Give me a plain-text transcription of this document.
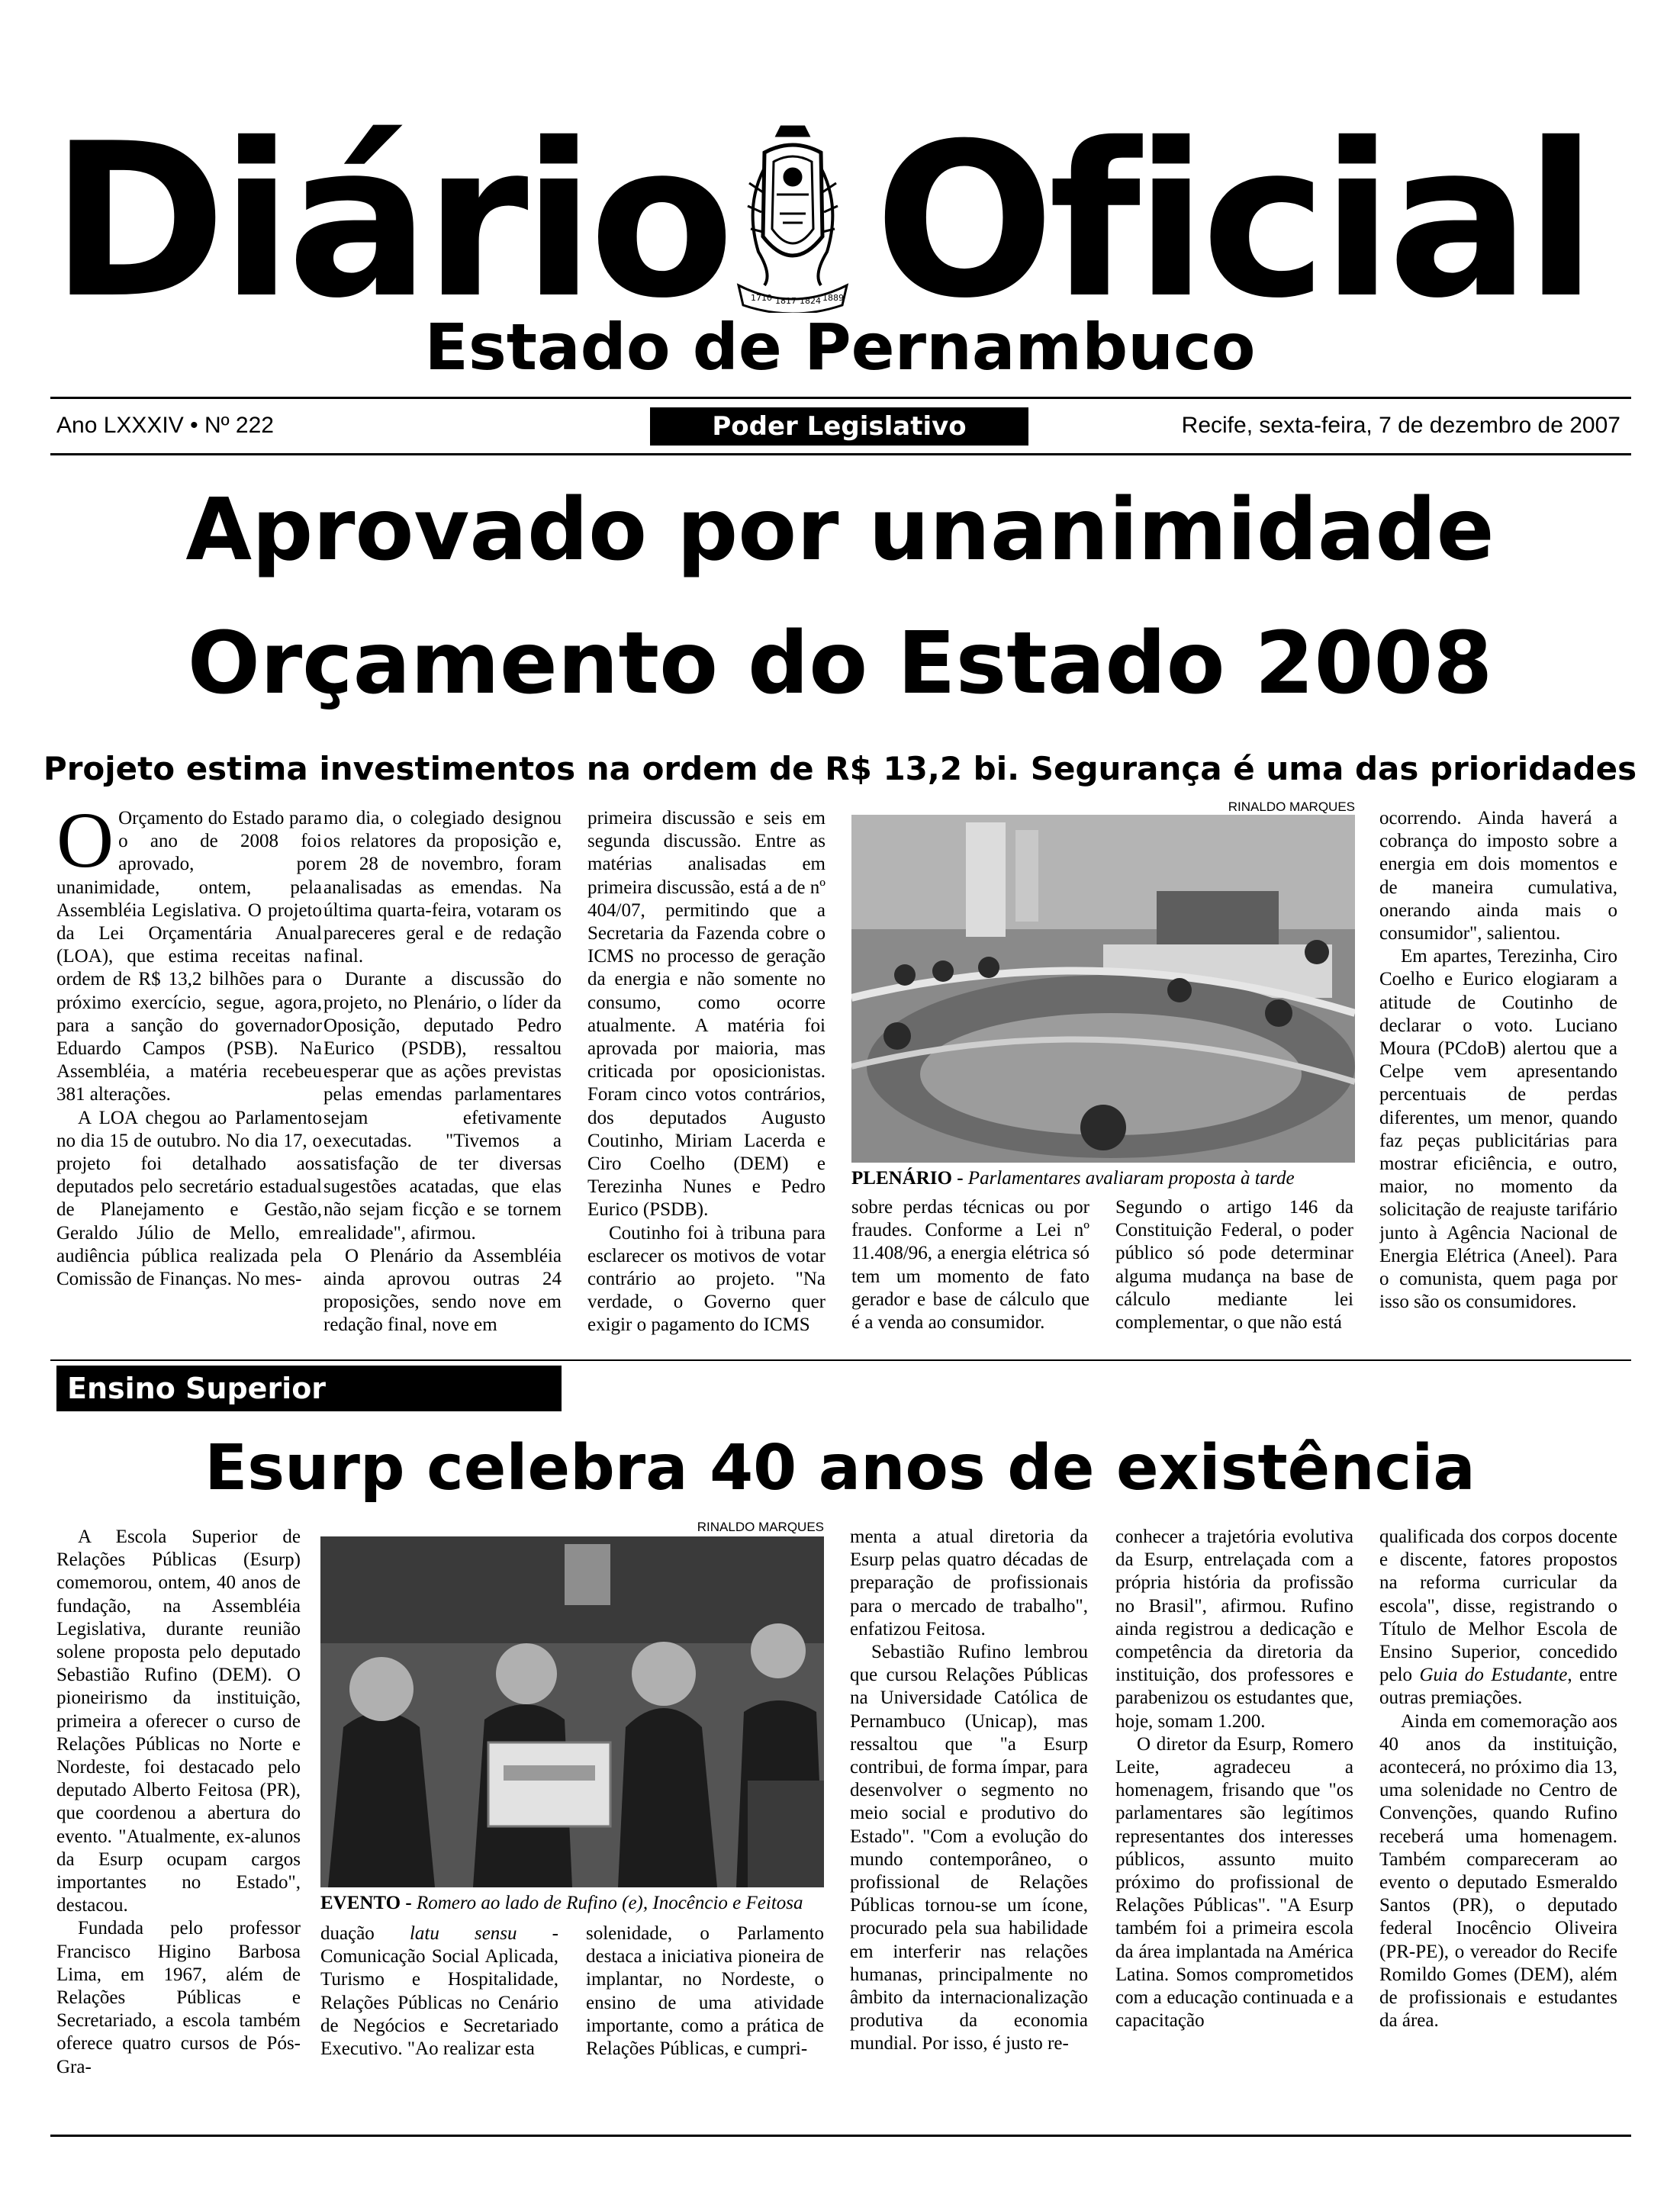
Diário	1710 1817 1824 1889 Oficial
Estado de Pernambuco
Ano LXXXIV • Nº 222	Poder Legislativo	Recife, sexta-feira, 7 de dezembro de 2007
Aprovado por unanimidade
Orçamento do Estado 2008
Projeto estima investimentos na ordem de R$ 13,2 bi. Segurança é uma das prioridades

O Orçamento do Estado para o ano de 2008 foi aprovado, por unanimidade, ontem, pela Assembléia Legislativa. O projeto da Lei Orçamentária Anual (LOA), que estima receitas na ordem de R$ 13,2 bilhões para o próximo exercício, segue, agora, para a sanção do governador Eduardo Campos (PSB). Na Assembléia, a matéria recebeu 381 alterações.

A LOA chegou ao Parlamento no dia 15 de outubro. No dia 17, o projeto foi detalhado aos deputados pelo secretário estadual de Planejamento e Gestão, Geraldo Júlio de Mello, em audiência pública realizada pela Comissão de Finanças. No mes-

mo dia, o colegiado designou os relatores da proposição e, em 28 de novembro, foram analisadas as emendas. Na última quarta-feira, votaram os pareceres geral e de redação final.

Durante a discussão do projeto, no Plenário, o líder da Oposição, deputado Pedro Eurico (PSDB), ressaltou esperar que as ações previstas pelas emendas parlamentares sejam efetivamente executadas. "Tivemos a satisfação de ter diversas sugestões acatadas, que elas não sejam ficção e se tornem realidade", afirmou.

O Plenário da Assembléia ainda aprovou outras 24 proposições, sendo nove em redação final, nove em

primeira discussão e seis em segunda discussão. Entre as matérias analisadas em primeira discussão, está a de nº 404/07, permitindo que a Secretaria da Fazenda cobre o ICMS no processo de geração da energia e não somente no consumo, como ocorre atualmente. A matéria foi aprovada por maioria, mas criticada por oposicionistas. Foram cinco votos contrários, dos deputados Augusto Coutinho, Miriam Lacerda e Ciro Coelho (DEM) e Terezinha Nunes e Pedro Eurico (PSDB).

Coutinho foi à tribuna para esclarecer os motivos de votar contrário ao projeto. "Na verdade, o Governo quer exigir o pagamento do ICMS

RINALDO MARQUES
PLENÁRIO - Parlamentares avaliaram proposta à tarde

sobre perdas técnicas ou por fraudes. Conforme a Lei nº 11.408/96, a energia elétrica só tem um momento de fato gerador e base de cálculo que é a venda ao consumidor.

Segundo o artigo 146 da Constituição Federal, o poder público só pode determinar alguma mudança na base de cálculo mediante lei complementar, o que não está

ocorrendo. Ainda haverá a cobrança do imposto sobre a energia em dois momentos e de maneira cumulativa, onerando ainda mais o consumidor", salientou.

Em apartes, Terezinha, Ciro Coelho e Eurico elogiaram a atitude de Coutinho de declarar o voto. Luciano Moura (PCdoB) alertou que a Celpe vem apresentando percentuais de perdas diferentes, um menor, quando faz peças publicitárias para mostrar eficiência, e outro, maior, no momento da solicitação de reajuste tarifário junto à Agência Nacional de Energia Elétrica (Aneel). Para o comunista, quem paga por isso são os consumidores.

Ensino Superior
Esurp celebra 40 anos de existência

A Escola Superior de Relações Públicas (Esurp) comemorou, ontem, 40 anos de fundação, na Assembléia Legislativa, durante reunião solene proposta pelo deputado Sebastião Rufino (DEM). O pioneirismo da instituição, primeira a oferecer o curso de Relações Públicas no Norte e Nordeste, foi destacado pelo deputado Alberto Feitosa (PR), que coordenou a abertura do evento. "Atualmente, ex-alunos da Esurp ocupam cargos importantes no Estado", destacou.

Fundada pelo professor Francisco Higino Barbosa Lima, em 1967, além de Relações Públicas e Secretariado, a escola também oferece quatro cursos de Pós-Gra-

RINALDO MARQUES
EVENTO - Romero ao lado de Rufino (e), Inocêncio e Feitosa

duação latu sensu - Comunicação Social Aplicada, Turismo e Hospitalidade, Relações Públicas no Cenário de Negócios e Secretariado Executivo. "Ao realizar esta

solenidade, o Parlamento destaca a iniciativa pioneira de implantar, no Nordeste, o ensino de uma atividade importante, como a prática de Relações Públicas, e cumpri-

menta a atual diretoria da Esurp pelas quatro décadas de preparação de profissionais para o mercado de trabalho", enfatizou Feitosa.

Sebastião Rufino lembrou que cursou Relações Públicas na Universidade Católica de Pernambuco (Unicap), mas ressaltou que "a Esurp contribui, de forma ímpar, para desenvolver o segmento no meio social e produtivo do Estado". "Com a evolução do mundo contemporâneo, o profissional de Relações Públicas tornou-se um ícone, procurado pela sua habilidade em interferir nas relações humanas, principalmente no âmbito da internacionalização produtiva da economia mundial. Por isso, é justo re-

conhecer a trajetória evolutiva da Esurp, entrelaçada com a própria história da profissão no Brasil", afirmou. Rufino ainda registrou a dedicação e competência da diretoria da instituição, dos professores e parabenizou os estudantes que, hoje, somam 1.200.

O diretor da Esurp, Romero Leite, agradeceu a homenagem, frisando que "os parlamentares são legítimos representantes dos interesses públicos, assunto muito próximo do profissional de Relações Públicas". "A Esurp também foi a primeira escola da área implantada na América Latina. Somos comprometidos com a educação continuada e a capacitação

qualificada dos corpos docente e discente, fatores propostos na reforma curricular da escola", disse, registrando o Título de Melhor Escola de Ensino Superior, concedido pelo Guia do Estudante, entre outras premiações.

Ainda em comemoração aos 40 anos da instituição, acontecerá, no próximo dia 13, uma solenidade no Centro de Convenções, quando Rufino receberá uma homenagem. Também compareceram ao evento o deputado Esmeraldo Santos (PR), o deputado federal Inocêncio Oliveira (PR-PE), o vereador do Recife Romildo Gomes (DEM), além de profissionais e estudantes da área.
